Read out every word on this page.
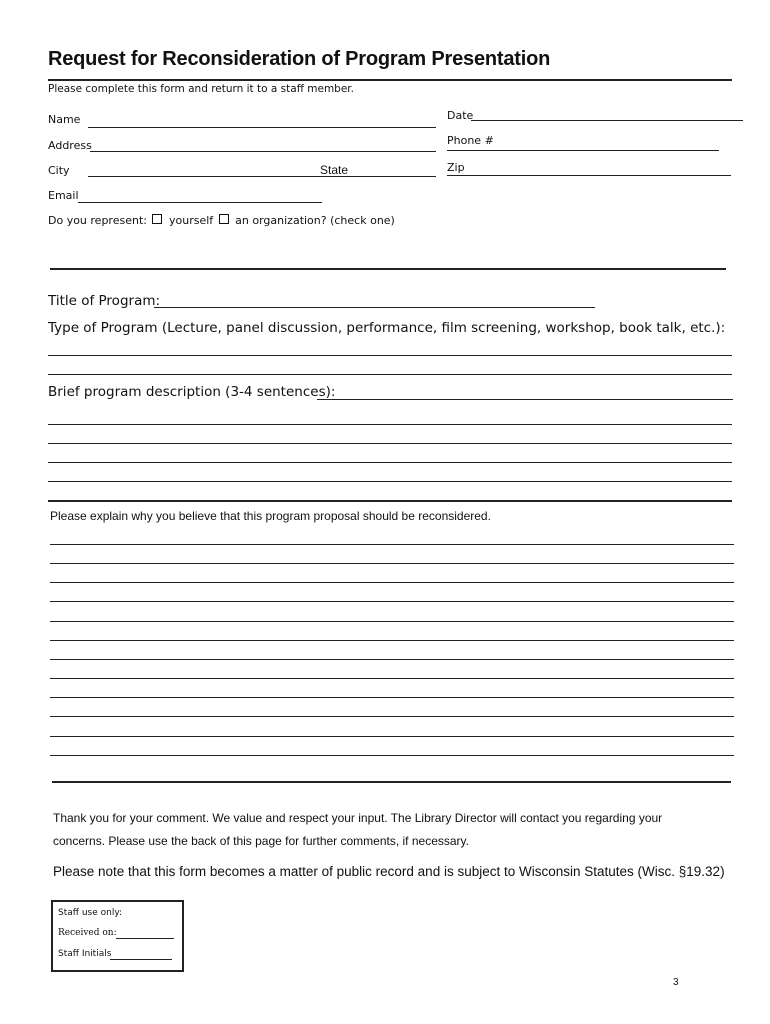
Request for Reconsideration of Program Presentation
Please complete this form and return it to a staff member.
Name	Date
Address	Phone #
City	State	Zip
Email
Do you represent: yourself an organization? (check one)
Title of Program:
Type of Program (Lecture, panel discussion, performance, film screening, workshop, book talk, etc.):
Brief program description (3-4 sentences):
Please explain why you believe that this program proposal should be reconsidered.
Thank you for your comment. We value and respect your input. The Library Director will contact you regarding your
concerns. Please use the back of this page for further comments, if necessary.
Please note that this form becomes a matter of public record and is subject to Wisconsin Statutes (Wisc. §19.32)
Staff use only:
Received on:
Staff Initials
3
